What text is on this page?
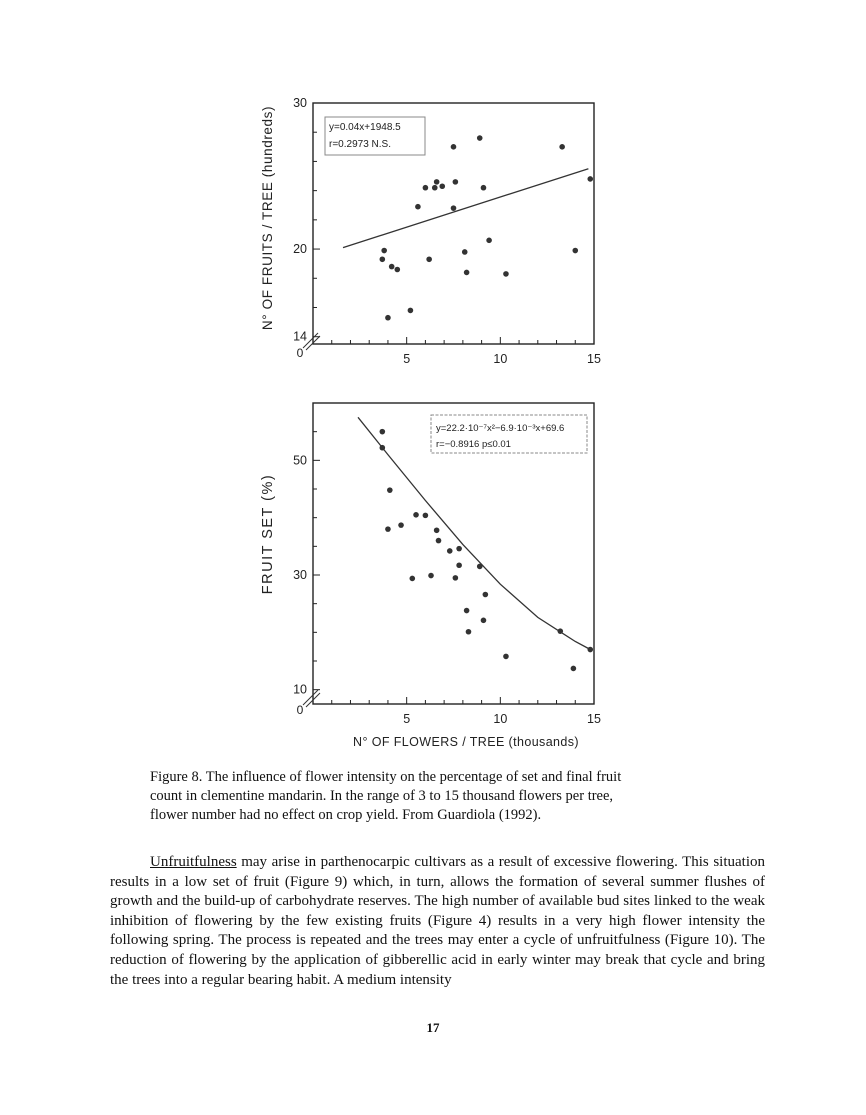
N° OF FRUITS / TREE (hundreds)
14
20
30
5	10	15
y=0.04x+1948.5
r=0.2973 N.S.
0
FRUIT SET (%)
N° OF FLOWERS / TREE (thousands)
10
30
50
5	10	15
y=22.2·10⁻⁷x²−6.9·10⁻³x+69.6
r=−0.8916 p≤0.01
0

Figure 8. The influence of flower intensity on the percentage of set and final fruit

count in clementine mandarin. In the range of 3 to 15 thousand flowers per tree,

flower number had no effect on crop yield. From Guardiola (1992).

Unfruitfulness may arise in parthenocarpic cultivars as a result of excessive flowering. This situation results in a low set of fruit (Figure 9) which, in turn, allows the formation of several summer flushes of growth and the build-up of carbohydrate reserves. The high number of available bud sites linked to the weak inhibition of flowering by the few existing fruits (Figure 4) results in a very high flower intensity the following spring. The process is repeated and the trees may enter a cycle of unfruitfulness (Figure 10). The reduction of flowering by the application of gibberellic acid in early winter may break that cycle and bring the trees into a regular bearing habit. A medium intensity

17
